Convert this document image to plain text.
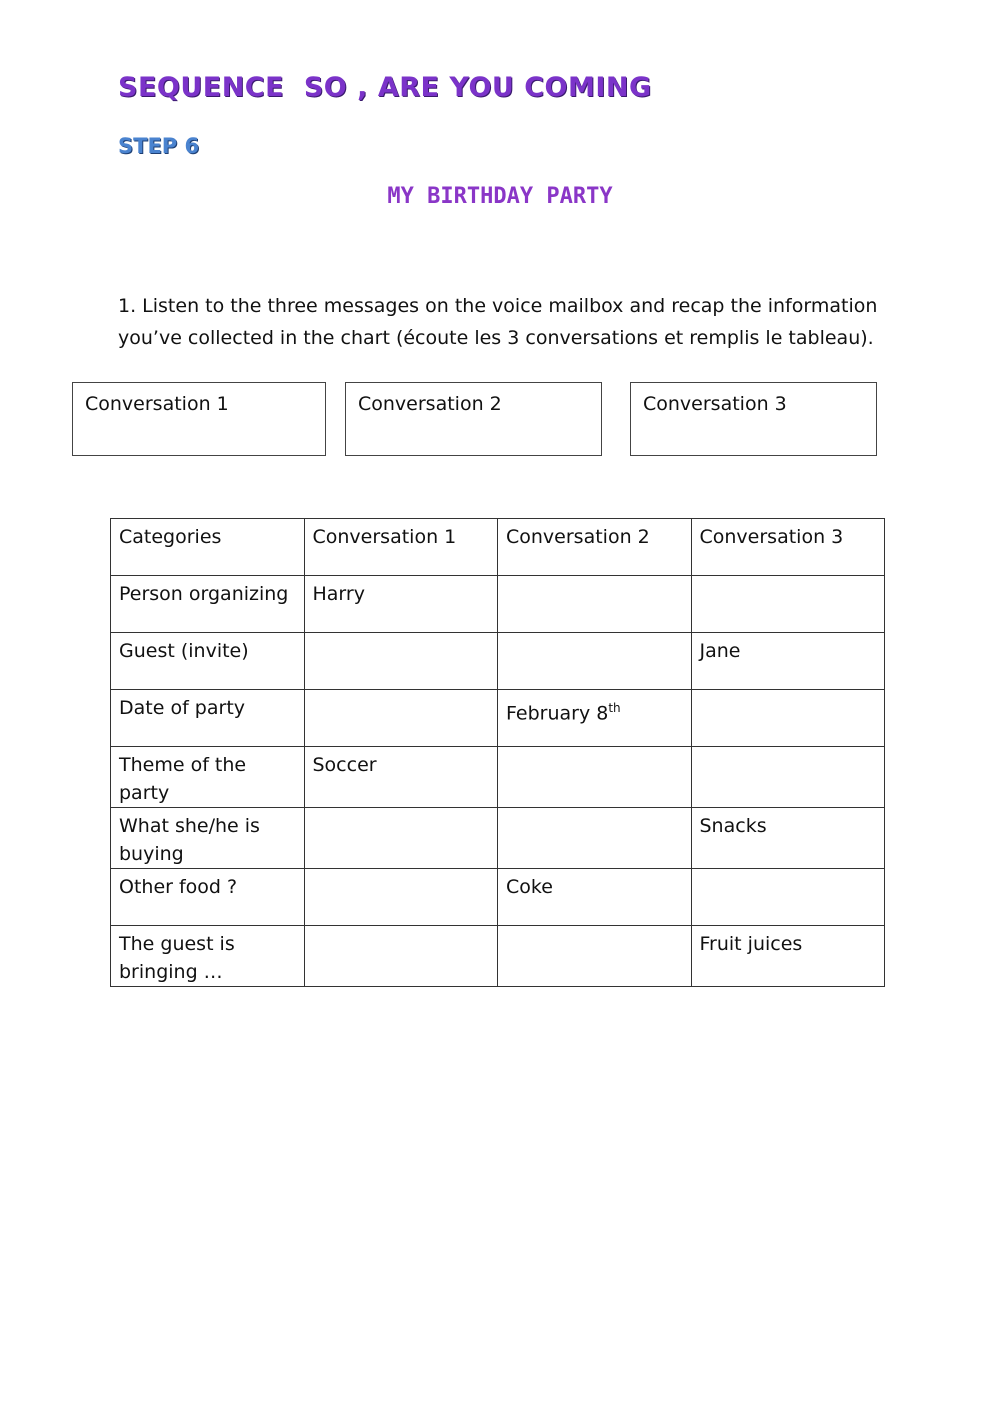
SEQUENCE  SO , ARE YOU COMING
STEP 6
MY BIRTHDAY PARTY
1. Listen to the three messages on the voice mailbox and recap the information you’ve collected in the chart (écoute les 3 conversations et remplis le tableau).
Conversation 1	Conversation 2	Conversation 3
Categories	Conversation 1	Conversation 2	Conversation 3
Person organizing	Harry		
Guest (invite)			Jane
Date of party		February 8th	
Theme of the party	Soccer		
What she/he is buying			Snacks
Other food ?		Coke	
The guest is bringing …			Fruit juices
